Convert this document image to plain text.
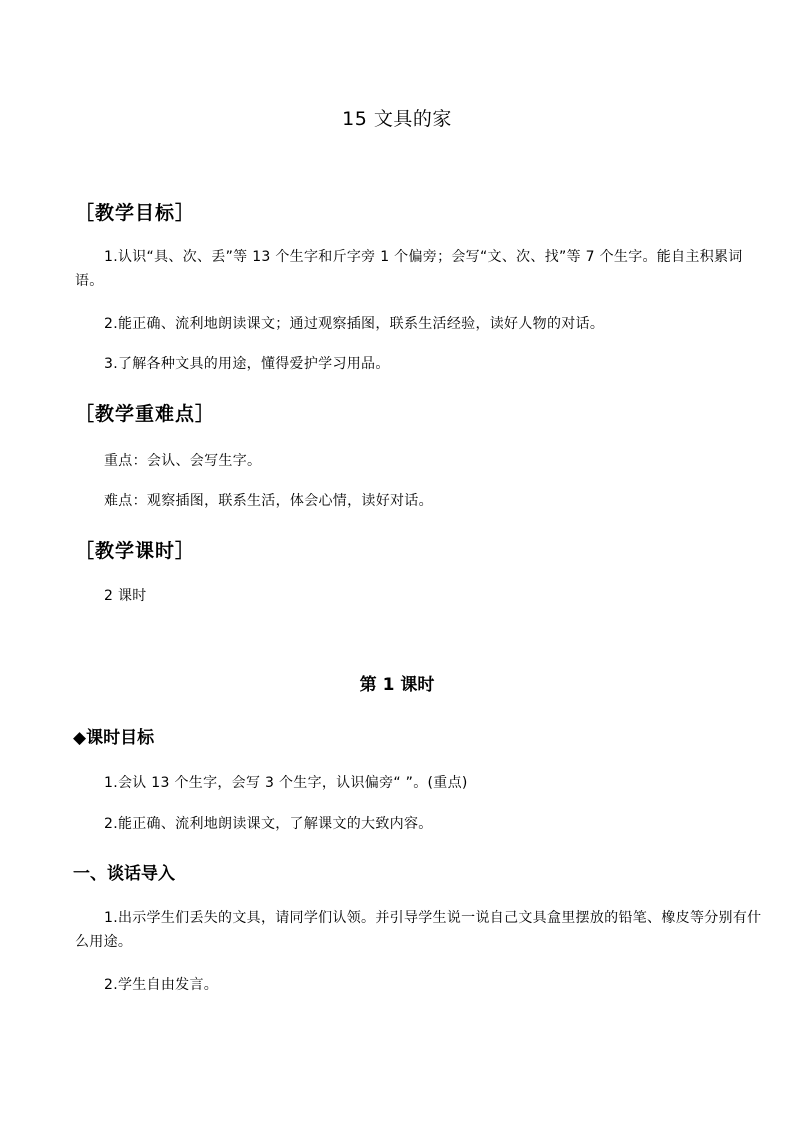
15 文具的家
［教学目标］
1.认识“具、次、丢”等 13 个生字和斤字旁 1 个偏旁；会写“文、次、找”等 7 个生字。能自主积累词语。
2.能正确、流利地朗读课文；通过观察插图，联系生活经验，读好人物的对话。
3.了解各种文具的用途，懂得爱护学习用品。
［教学重难点］
重点：会认、会写生字。
难点：观察插图，联系生活，体会心情，读好对话。
［教学课时］
2 课时
第 1 课时
◆课时目标
1.会认 13 个生字，会写 3 个生字，认识偏旁“ ”。(重点)
2.能正确、流利地朗读课文，了解课文的大致内容。
一、谈话导入
1.出示学生们丢失的文具，请同学们认领。并引导学生说一说自己文具盒里摆放的铅笔、橡皮等分别有什么用途。
2.学生自由发言。
